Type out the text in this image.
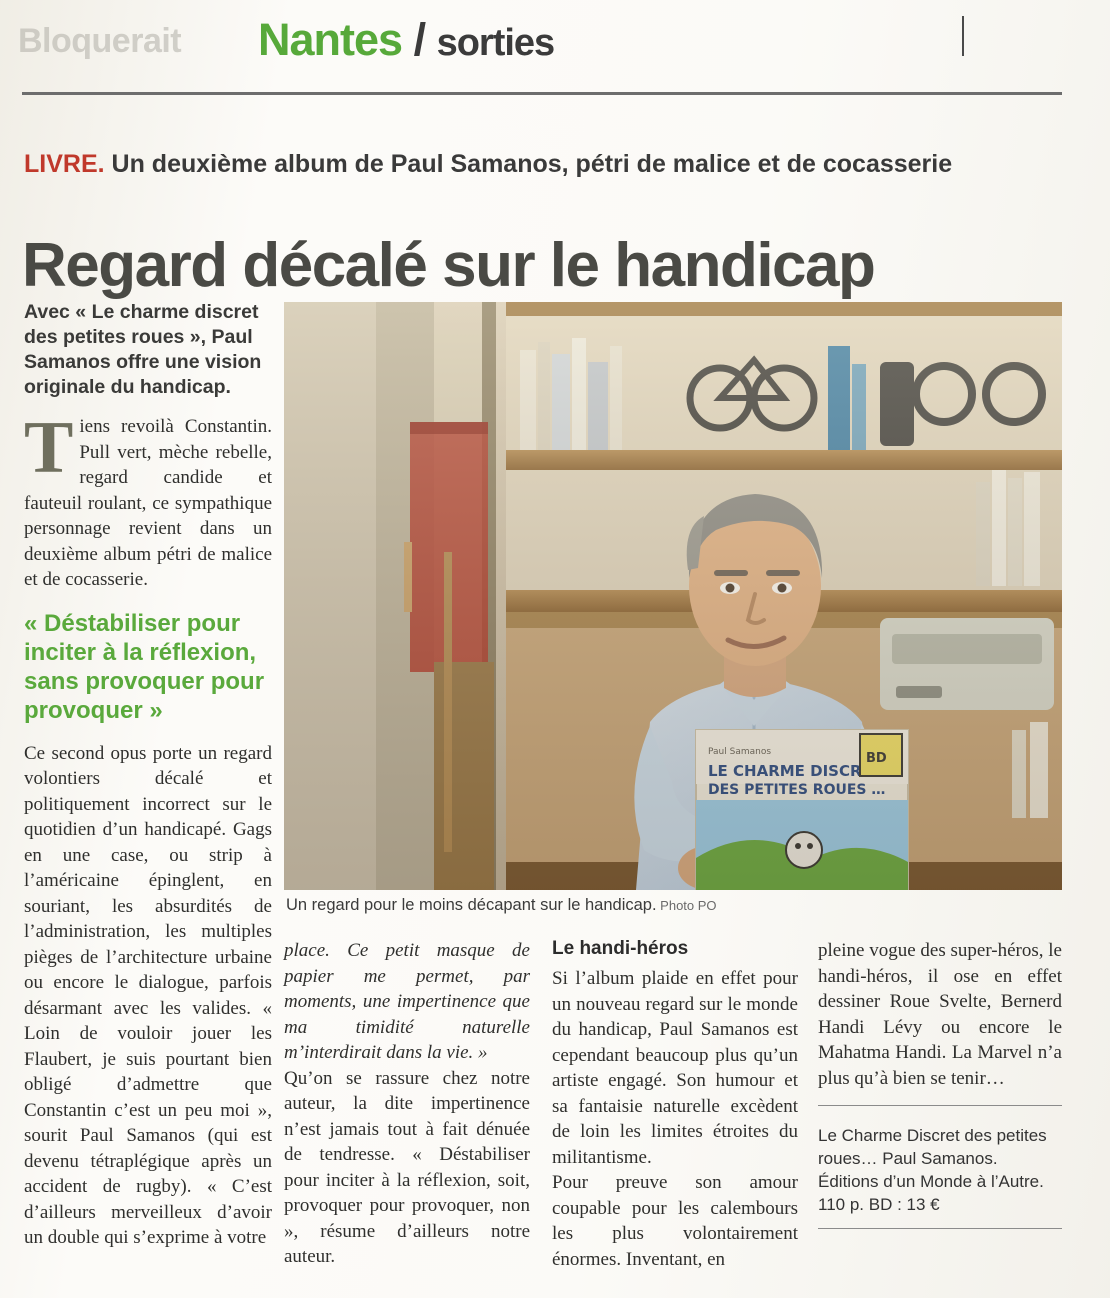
Bloquerait Nantes / sorties
LIVRE. Un deuxième album de Paul Samanos, pétri de malice et de cocasserie
Regard décalé sur le handicap

Avec « Le charme discret des petites roues », Paul Samanos offre une vision originale du handicap.

Tiens revoilà Constantin. Pull vert, mèche rebelle, regard candide et fauteuil roulant, ce sympathique personnage revient dans un deuxième album pétri de malice et de cocasserie.

« Déstabiliser pour inciter à la réflexion, sans provoquer pour provoquer »

Ce second opus porte un regard volontiers décalé et politiquement incorrect sur le quotidien d’un handicapé. Gags en une case, ou strip à l’américaine épinglent, en souriant, les absurdités de l’administration, les multiples pièges de l’architecture urbaine ou encore le dialogue, parfois désarmant avec les valides. « Loin de vouloir jouer les Flaubert, je suis pourtant bien obligé d’admettre que Constantin c’est un peu moi », sourit Paul Samanos (qui est devenu tétraplégique après un accident de rugby). « C’est d’ailleurs merveilleux d’avoir un double qui s’exprime à votre

Un regard pour le moins décapant sur le handicap. Photo PO

place. Ce petit masque de papier me permet, par moments, une impertinence que ma timidité naturelle m’interdirait dans la vie. »

Qu’on se rassure chez notre auteur, la dite impertinence n’est jamais tout à fait dénuée de tendresse. « Déstabiliser pour inciter à la réflexion, soit, provoquer pour provoquer, non », résume d’ailleurs notre auteur.

Le handi-héros

Si l’album plaide en effet pour un nouveau regard sur le monde du handicap, Paul Samanos est cependant beaucoup plus qu’un artiste engagé. Son humour et sa fantaisie naturelle excèdent de loin les limites étroites du militantisme.

Pour preuve son amour coupable pour les calembours les plus volontairement énormes. Inventant, en

pleine vogue des super-héros, le handi-héros, il ose en effet dessiner Roue Svelte, Bernerd Handi Lévy ou encore le Mahatma Handi. La Marvel n’a plus qu’à bien se tenir…

Le Charme Discret des petites roues… Paul Samanos. Éditions d’un Monde à l’Autre. 110 p. BD : 13 €
